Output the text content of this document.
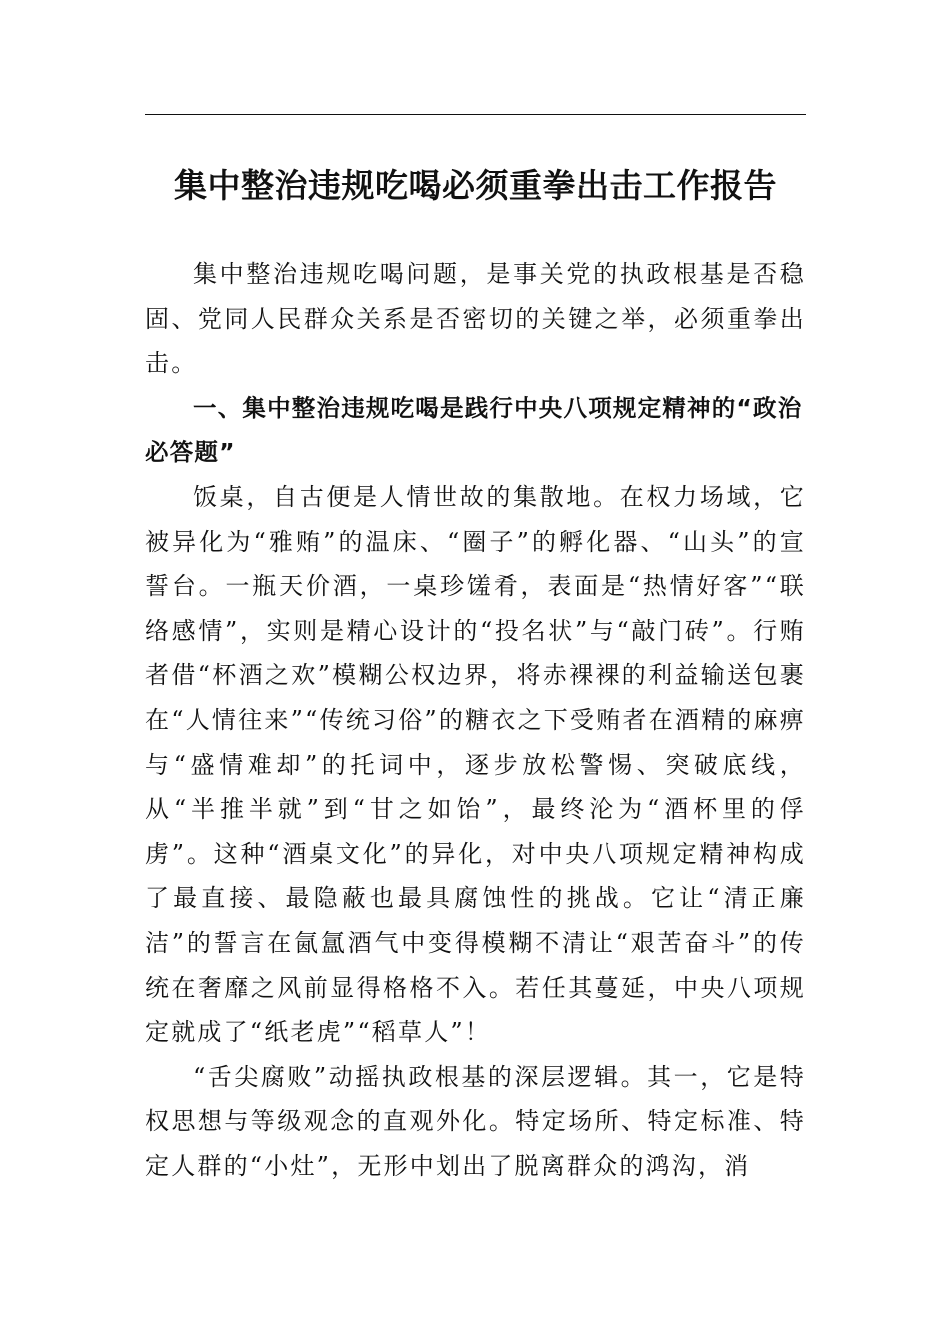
集中整治违规吃喝必须重拳出击工作报告

集中整治违规吃喝问题，是事关党的执政根基是否稳固、党同人民群众关系是否密切的关键之举，必须重拳出击。

一、集中整治违规吃喝是践行中央八项规定精神的“政治必答题”

饭桌，自古便是人情世故的集散地。在权力场域，它被异化为“雅贿”的温床、“圈子”的孵化器、“山头”的宣誓台。一瓶天价酒，一桌珍馐肴，表面是“热情好客”“联络感情”，实则是精心设计的“投名状”与“敲门砖”。行贿者借“杯酒之欢”模糊公权边界，将赤裸裸的利益输送包裹在“人情往来”“传统习俗”的糖衣之下受贿者在酒精的麻痹与“盛情难却”的托词中，逐步放松警惕、突破底线，从“半推半就”到“甘之如饴”，最终沦为“酒杯里的俘虏”。这种“酒桌文化”的异化，对中央八项规定精神构成了最直接、最隐蔽也最具腐蚀性的挑战。它让“清正廉洁”的誓言在氤氲酒气中变得模糊不清让“艰苦奋斗”的传统在奢靡之风前显得格格不入。若任其蔓延，中央八项规定就成了“纸老虎”“稻草人”！

“舌尖腐败”动摇执政根基的深层逻辑。其一，它是特权思想与等级观念的直观外化。特定场所、特定标准、特定人群的“小灶”，无形中划出了脱离群众的鸿沟，消
